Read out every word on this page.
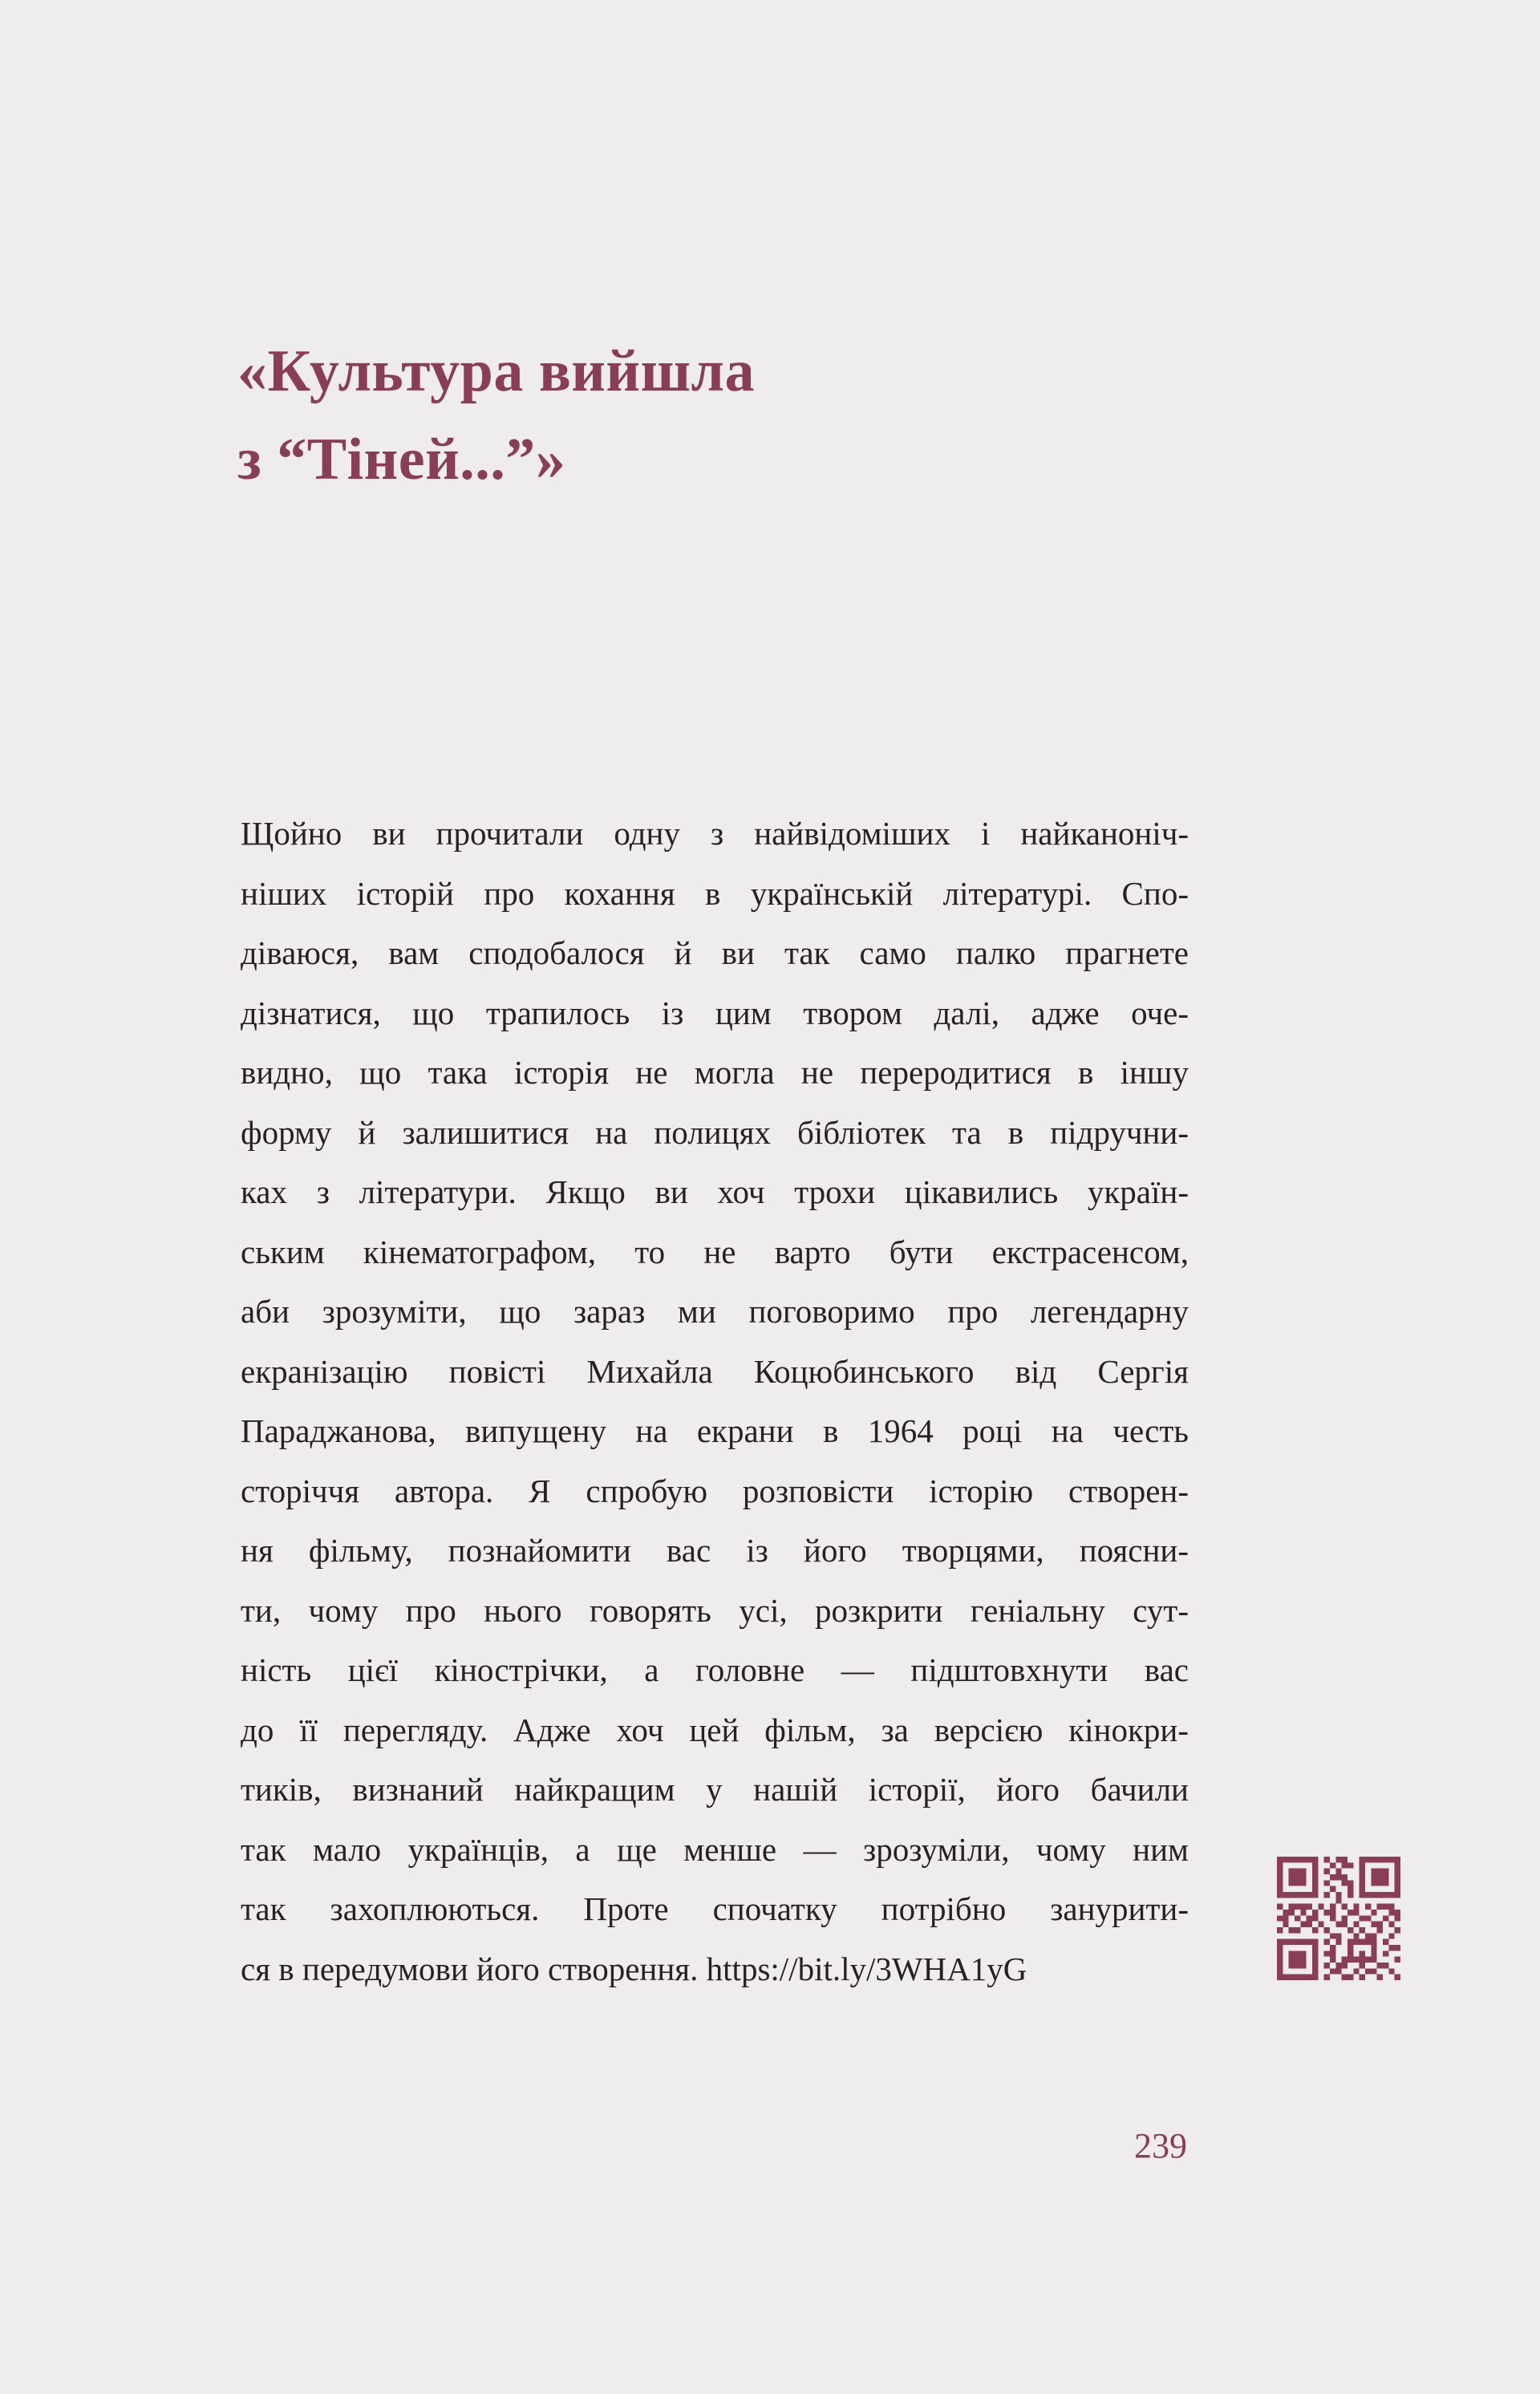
«Культура вийшла
з “Тіней...”»
Щойно ви прочитали одну з найвідоміших і найканоніч-
ніших історій про кохання в українській літературі. Спо-
діваюся, вам сподобалося й ви так само палко прагнете
дізнатися, що трапилось із цим твором далі, адже оче-
видно, що така історія не могла не переродитися в іншу
форму й залишитися на полицях бібліотек та в підручни-
ках з літератури. Якщо ви хоч трохи цікавились україн-
ським кінематографом, то не варто бути екстрасенсом,
аби зрозуміти, що зараз ми поговоримо про легендарну
екранізацію повісті Михайла Коцюбинського від Сергія
Параджанова, випущену на екрани в 1964 році на честь
сторіччя автора. Я спробую розповісти історію створен-
ня фільму, познайомити вас із його творцями, поясни-
ти, чому про нього говорять усі, розкрити геніальну сут-
ність цієї кінострічки, а головне — підштовхнути вас
до її перегляду. Адже хоч цей фільм, за версією кінокри-
тиків, визнаний найкращим у нашій історії, його бачили
так мало українців, а ще менше — зрозуміли, чому ним
так захоплюються. Проте спочатку потрібно занурити-
ся в передумови його створення. https://bit.ly/3WHA1yG
239
